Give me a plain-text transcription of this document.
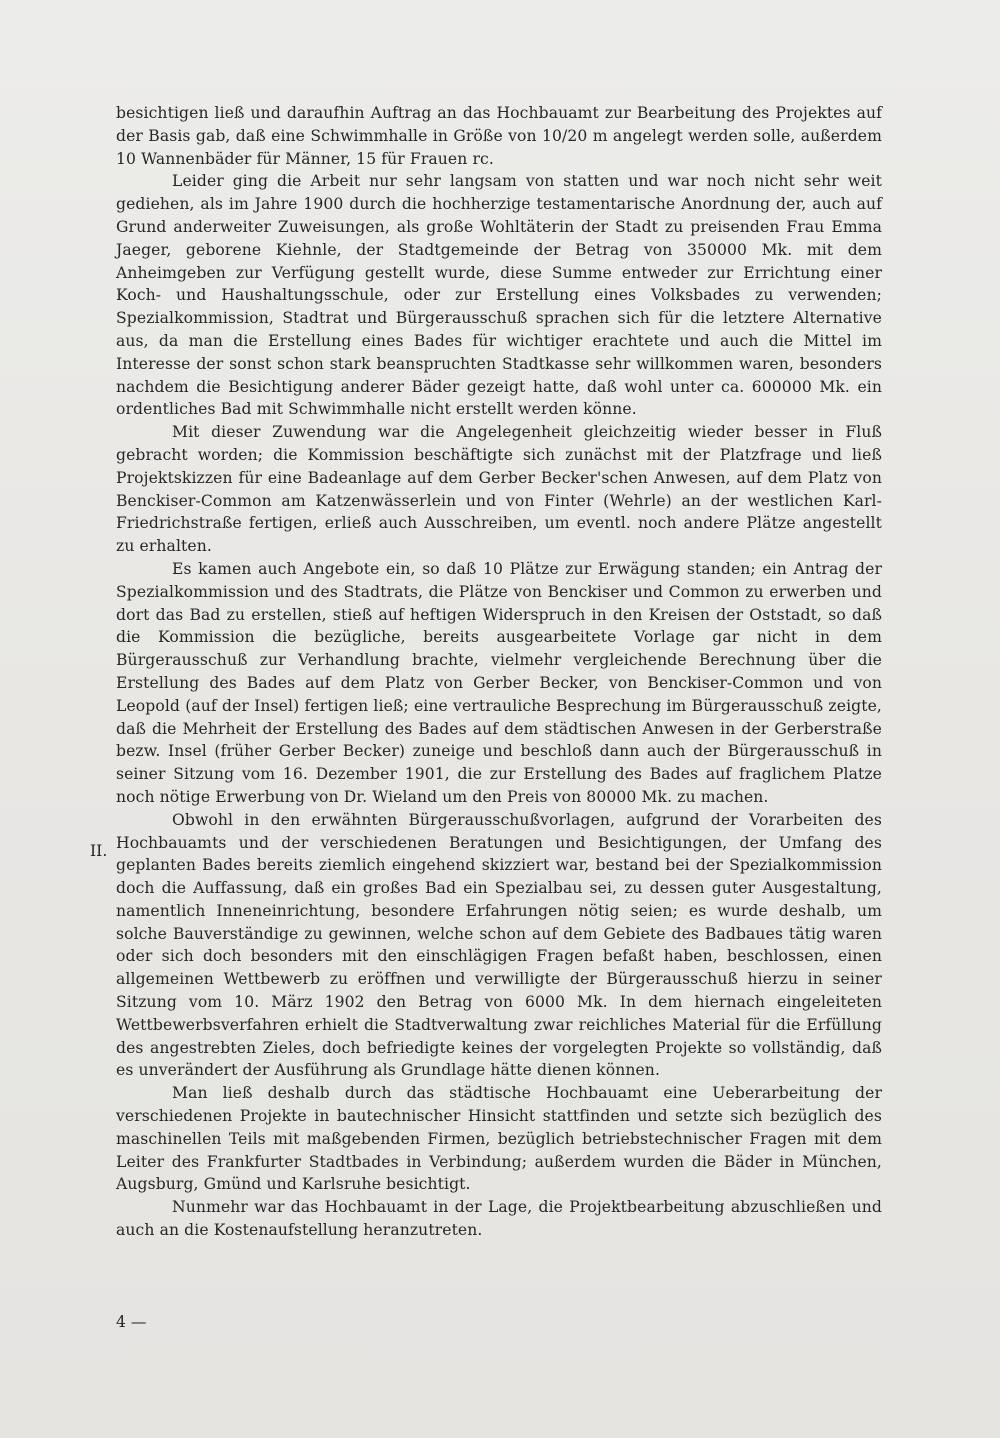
besichtigen ließ und daraufhin Auftrag an das Hochbauamt zur Bearbeitung des Projektes auf der Basis gab, daß eine Schwimmhalle in Größe von 10/20 m angelegt werden solle, außerdem 10 Wannenbäder für Männer, 15 für Frauen rc.

Leider ging die Arbeit nur sehr langsam von statten und war noch nicht sehr weit gediehen, als im Jahre 1900 durch die hochherzige testamentarische Anordnung der, auch auf Grund anderweiter Zuweisungen, als große Wohltäterin der Stadt zu preisenden Frau Emma Jaeger, geborene Kiehnle, der Stadtgemeinde der Betrag von 350000 Mk. mit dem Anheimgeben zur Verfügung gestellt wurde, diese Summe entweder zur Errichtung einer Koch- und Haushaltungsschule, oder zur Erstellung eines Volksbades zu verwenden; Spezialkommission, Stadtrat und Bürgerausschuß sprachen sich für die letztere Alternative aus, da man die Erstellung eines Bades für wichtiger erachtete und auch die Mittel im Interesse der sonst schon stark beanspruchten Stadtkasse sehr willkommen waren, besonders nachdem die Besichtigung anderer Bäder gezeigt hatte, daß wohl unter ca. 600000 Mk. ein ordentliches Bad mit Schwimmhalle nicht erstellt werden könne.

Mit dieser Zuwendung war die Angelegenheit gleichzeitig wieder besser in Fluß gebracht worden; die Kommission beschäftigte sich zunächst mit der Platzfrage und ließ Projektskizzen für eine Badeanlage auf dem Gerber Becker'schen Anwesen, auf dem Platz von Benckiser-Common am Katzenwässerlein und von Finter (Wehrle) an der westlichen Karl-Friedrichstraße fertigen, erließ auch Ausschreiben, um eventl. noch andere Plätze angestellt zu erhalten.

Es kamen auch Angebote ein, so daß 10 Plätze zur Erwägung standen; ein Antrag der Spezialkommission und des Stadtrats, die Plätze von Benckiser und Common zu erwerben und dort das Bad zu erstellen, stieß auf heftigen Widerspruch in den Kreisen der Oststadt, so daß die Kommission die bezügliche, bereits ausgearbeitete Vorlage gar nicht in dem Bürgerausschuß zur Verhandlung brachte, vielmehr vergleichende Berechnung über die Erstellung des Bades auf dem Platz von Gerber Becker, von Benckiser-Common und von Leopold (auf der Insel) fertigen ließ; eine vertrauliche Besprechung im Bürgerausschuß zeigte, daß die Mehrheit der Erstellung des Bades auf dem städtischen Anwesen in der Gerberstraße bezw. Insel (früher Gerber Becker) zuneige und beschloß dann auch der Bürgerausschuß in seiner Sitzung vom 16. Dezember 1901, die zur Erstellung des Bades auf fraglichem Platze noch nötige Erwerbung von Dr. Wieland um den Preis von 80000 Mk. zu machen.

Obwohl in den erwähnten Bürgerausschußvorlagen, aufgrund der Vorarbeiten des Hochbauamts und der verschiedenen Beratungen und Besichtigungen, der Umfang des geplanten Bades bereits ziemlich eingehend skizziert war, bestand bei der Spezialkommission doch die Auffassung, daß ein großes Bad ein Spezialbau sei, zu dessen guter Ausgestaltung, namentlich Inneneinrichtung, besondere Erfahrungen nötig seien; es wurde deshalb, um solche Bauverständige zu gewinnen, welche schon auf dem Gebiete des Badbaues tätig waren oder sich doch besonders mit den einschlägigen Fragen befaßt haben, beschlossen, einen allgemeinen Wettbewerb zu eröffnen und verwilligte der Bürgerausschuß hierzu in seiner Sitzung vom 10. März 1902 den Betrag von 6000 Mk. In dem hiernach eingeleiteten Wettbewerbsverfahren erhielt die Stadtverwaltung zwar reichliches Material für die Erfüllung des angestrebten Zieles, doch befriedigte keines der vorgelegten Projekte so vollständig, daß es unverändert der Ausführung als Grundlage hätte dienen können.

Man ließ deshalb durch das städtische Hochbauamt eine Ueberarbeitung der verschiedenen Projekte in bautechnischer Hinsicht stattfinden und setzte sich bezüglich des maschinellen Teils mit maßgebenden Firmen, bezüglich betriebstechnischer Fragen mit dem Leiter des Frankfurter Stadtbades in Verbindung; außerdem wurden die Bäder in München, Augsburg, Gmünd und Karlsruhe besichtigt.

Nunmehr war das Hochbauamt in der Lage, die Projektbearbeitung abzuschließen und auch an die Kostenaufstellung heranzutreten.

II.
4 —
